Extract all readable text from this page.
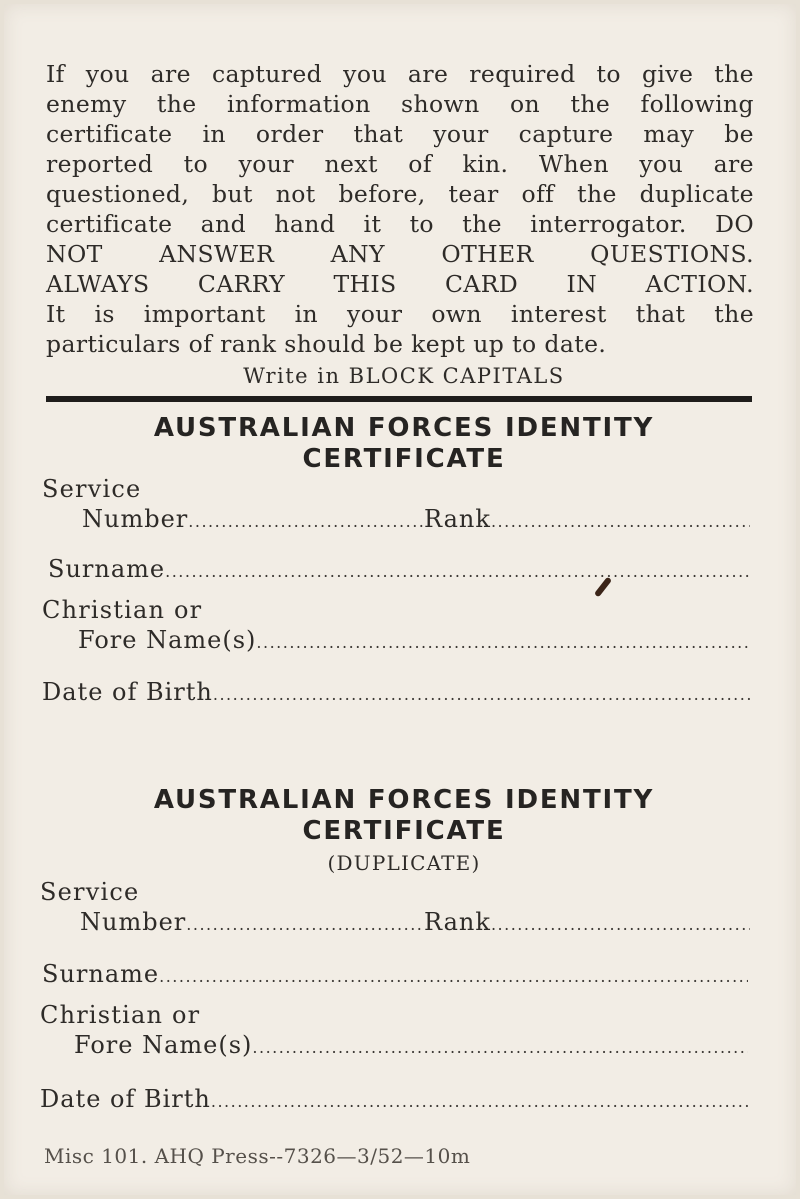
If you are captured you are required to give the
enemy the information shown on the following
certificate in order that your capture may be
reported to your next of kin. When you are
questioned, but not before, tear off the duplicate
certificate and hand it to the interrogator. DO
NOT ANSWER ANY OTHER QUESTIONS.
ALWAYS CARRY THIS CARD IN ACTION.
It is important in your own interest that the
particulars of rank should be kept up to date.
Write in BLOCK CAPITALS
AUSTRALIAN FORCES IDENTITY
CERTIFICATE
Service
Number .....	Rank
.....
Surname
.....
Christian or
Fore Name(s)
.....
Date of Birth
.....
AUSTRALIAN FORCES IDENTITY
CERTIFICATE
(DUPLICATE)
Service
Number .....	Rank
.....
Surname
.....
Christian or
Fore Name(s)
.....
Date of Birth
.....
Misc 101. AHQ Press--7326—3/52—10m
